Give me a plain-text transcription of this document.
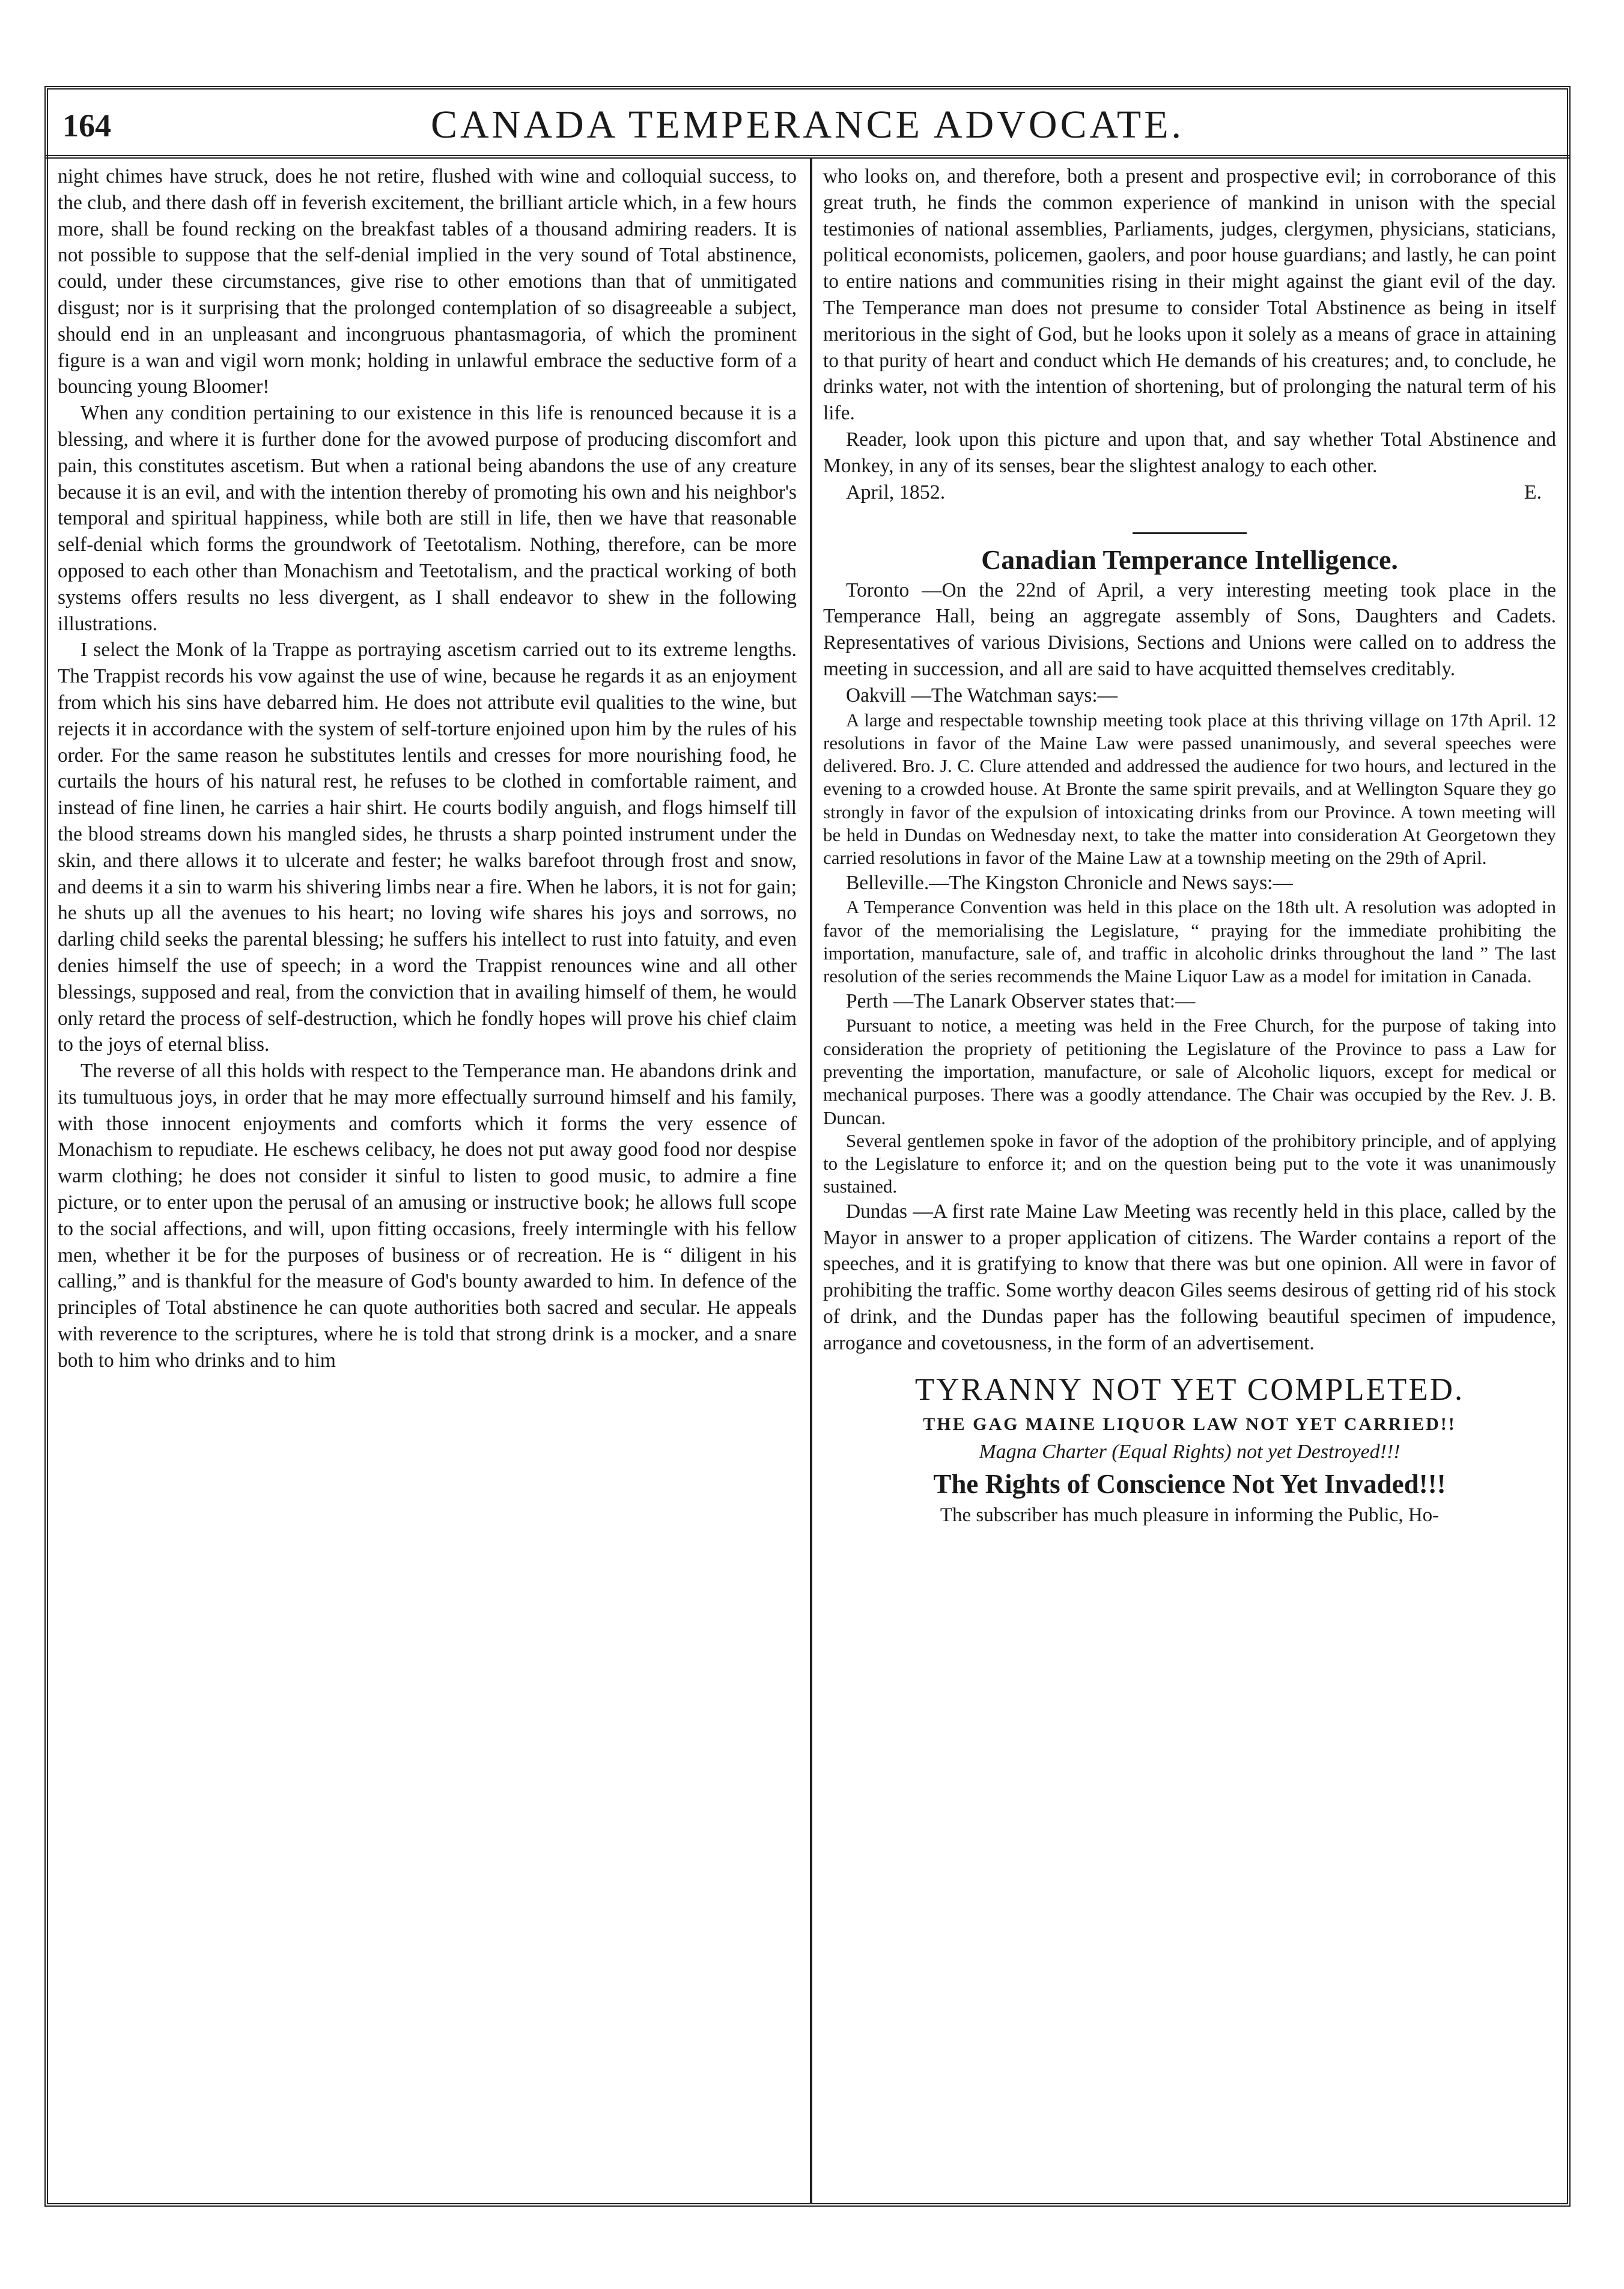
164	CANADA TEMPERANCE ADVOCATE.

night chimes have struck, does he not retire, flushed with wine and colloquial success, to the club, and there dash off in feverish excitement, the brilliant article which, in a few hours more, shall be found recking on the breakfast tables of a thousand admiring readers. It is not possible to suppose that the self-denial implied in the very sound of Total abstinence, could, under these circumstances, give rise to other emotions than that of unmitigated disgust; nor is it surprising that the prolonged contemplation of so disagreeable a subject, should end in an unpleasant and incongruous phantasmagoria, of which the prominent figure is a wan and vigil worn monk; holding in unlawful embrace the seductive form of a bouncing young Bloomer!

When any condition pertaining to our existence in this life is renounced because it is a blessing, and where it is further done for the avowed purpose of producing discomfort and pain, this constitutes ascetism. But when a rational being abandons the use of any creature because it is an evil, and with the intention thereby of promoting his own and his neighbor's temporal and spiritual happiness, while both are still in life, then we have that reasonable self-denial which forms the groundwork of Teetotalism. Nothing, therefore, can be more opposed to each other than Monachism and Teetotalism, and the practical working of both systems offers results no less divergent, as I shall endeavor to shew in the following illustrations.

I select the Monk of la Trappe as portraying ascetism carried out to its extreme lengths. The Trappist records his vow against the use of wine, because he regards it as an enjoyment from which his sins have debarred him. He does not attribute evil qualities to the wine, but rejects it in accordance with the system of self-torture enjoined upon him by the rules of his order. For the same reason he substitutes lentils and cresses for more nourishing food, he curtails the hours of his natural rest, he refuses to be clothed in comfortable raiment, and instead of fine linen, he carries a hair shirt. He courts bodily anguish, and flogs himself till the blood streams down his mangled sides, he thrusts a sharp pointed instrument under the skin, and there allows it to ulcerate and fester; he walks barefoot through frost and snow, and deems it a sin to warm his shivering limbs near a fire. When he labors, it is not for gain; he shuts up all the avenues to his heart; no loving wife shares his joys and sorrows, no darling child seeks the parental blessing; he suffers his intellect to rust into fatuity, and even denies himself the use of speech; in a word the Trappist renounces wine and all other blessings, supposed and real, from the conviction that in availing himself of them, he would only retard the process of self-destruction, which he fondly hopes will prove his chief claim to the joys of eternal bliss.

The reverse of all this holds with respect to the Temperance man. He abandons drink and its tumultuous joys, in order that he may more effectually surround himself and his family, with those innocent enjoyments and comforts which it forms the very essence of Monachism to repudiate. He eschews celibacy, he does not put away good food nor despise warm clothing; he does not consider it sinful to listen to good music, to admire a fine picture, or to enter upon the perusal of an amusing or instructive book; he allows full scope to the social affections, and will, upon fitting occasions, freely intermingle with his fellow men, whether it be for the purposes of business or of recreation. He is “ diligent in his calling,” and is thankful for the measure of God's bounty awarded to him. In defence of the principles of Total abstinence he can quote authorities both sacred and secular. He appeals with reverence to the scriptures, where he is told that strong drink is a mocker, and a snare both to him who drinks and to him

who looks on, and therefore, both a present and prospective evil; in corroborance of this great truth, he finds the common experience of mankind in unison with the special testimonies of national assemblies, Parliaments, judges, clergymen, physicians, staticians, political economists, policemen, gaolers, and poor house guardians; and lastly, he can point to entire nations and communities rising in their might against the giant evil of the day. The Temperance man does not presume to consider Total Abstinence as being in itself meritorious in the sight of God, but he looks upon it solely as a means of grace in attaining to that purity of heart and conduct which He demands of his creatures; and, to conclude, he drinks water, not with the intention of shortening, but of prolonging the natural term of his life.

Reader, look upon this picture and upon that, and say whether Total Abstinence and Monkey, in any of its senses, bear the slightest analogy to each other.

April, 1852.	E.
Canadian Temperance Intelligence.

Toronto —On the 22nd of April, a very interesting meeting took place in the Temperance Hall, being an aggregate assembly of Sons, Daughters and Cadets. Representatives of various Divisions, Sections and Unions were called on to address the meeting in succession, and all are said to have acquitted themselves creditably.

Oakvill —The Watchman says:—

A large and respectable township meeting took place at this thriving village on 17th April. 12 resolutions in favor of the Maine Law were passed unanimously, and several speeches were delivered. Bro. J. C. Clure attended and addressed the audience for two hours, and lectured in the evening to a crowded house. At Bronte the same spirit prevails, and at Wellington Square they go strongly in favor of the expulsion of intoxicating drinks from our Province. A town meeting will be held in Dundas on Wednesday next, to take the matter into consideration At Georgetown they carried resolutions in favor of the Maine Law at a township meeting on the 29th of April.

Belleville.—The Kingston Chronicle and News says:—

A Temperance Convention was held in this place on the 18th ult. A resolution was adopted in favor of the memorialising the Legislature, “ praying for the immediate prohibiting the importation, manufacture, sale of, and traffic in alcoholic drinks throughout the land ” The last resolution of the series recommends the Maine Liquor Law as a model for imitation in Canada.

Perth —The Lanark Observer states that:—

Pursuant to notice, a meeting was held in the Free Church, for the purpose of taking into consideration the propriety of petitioning the Legislature of the Province to pass a Law for preventing the importation, manufacture, or sale of Alcoholic liquors, except for medical or mechanical purposes. There was a goodly attendance. The Chair was occupied by the Rev. J. B. Duncan.

Several gentlemen spoke in favor of the adoption of the prohibitory principle, and of applying to the Legislature to enforce it; and on the question being put to the vote it was unanimously sustained.

Dundas —A first rate Maine Law Meeting was recently held in this place, called by the Mayor in answer to a proper application of citizens. The Warder contains a report of the speeches, and it is gratifying to know that there was but one opinion. All were in favor of prohibiting the traffic. Some worthy deacon Giles seems desirous of getting rid of his stock of drink, and the Dundas paper has the following beautiful specimen of impudence, arrogance and covetousness, in the form of an advertisement.

TYRANNY NOT YET COMPLETED.
THE GAG MAINE LIQUOR LAW NOT YET CARRIED!!
Magna Charter (Equal Rights) not yet Destroyed!!!
The Rights of Conscience Not Yet Invaded!!!
The subscriber has much pleasure in informing the Public, Ho-
